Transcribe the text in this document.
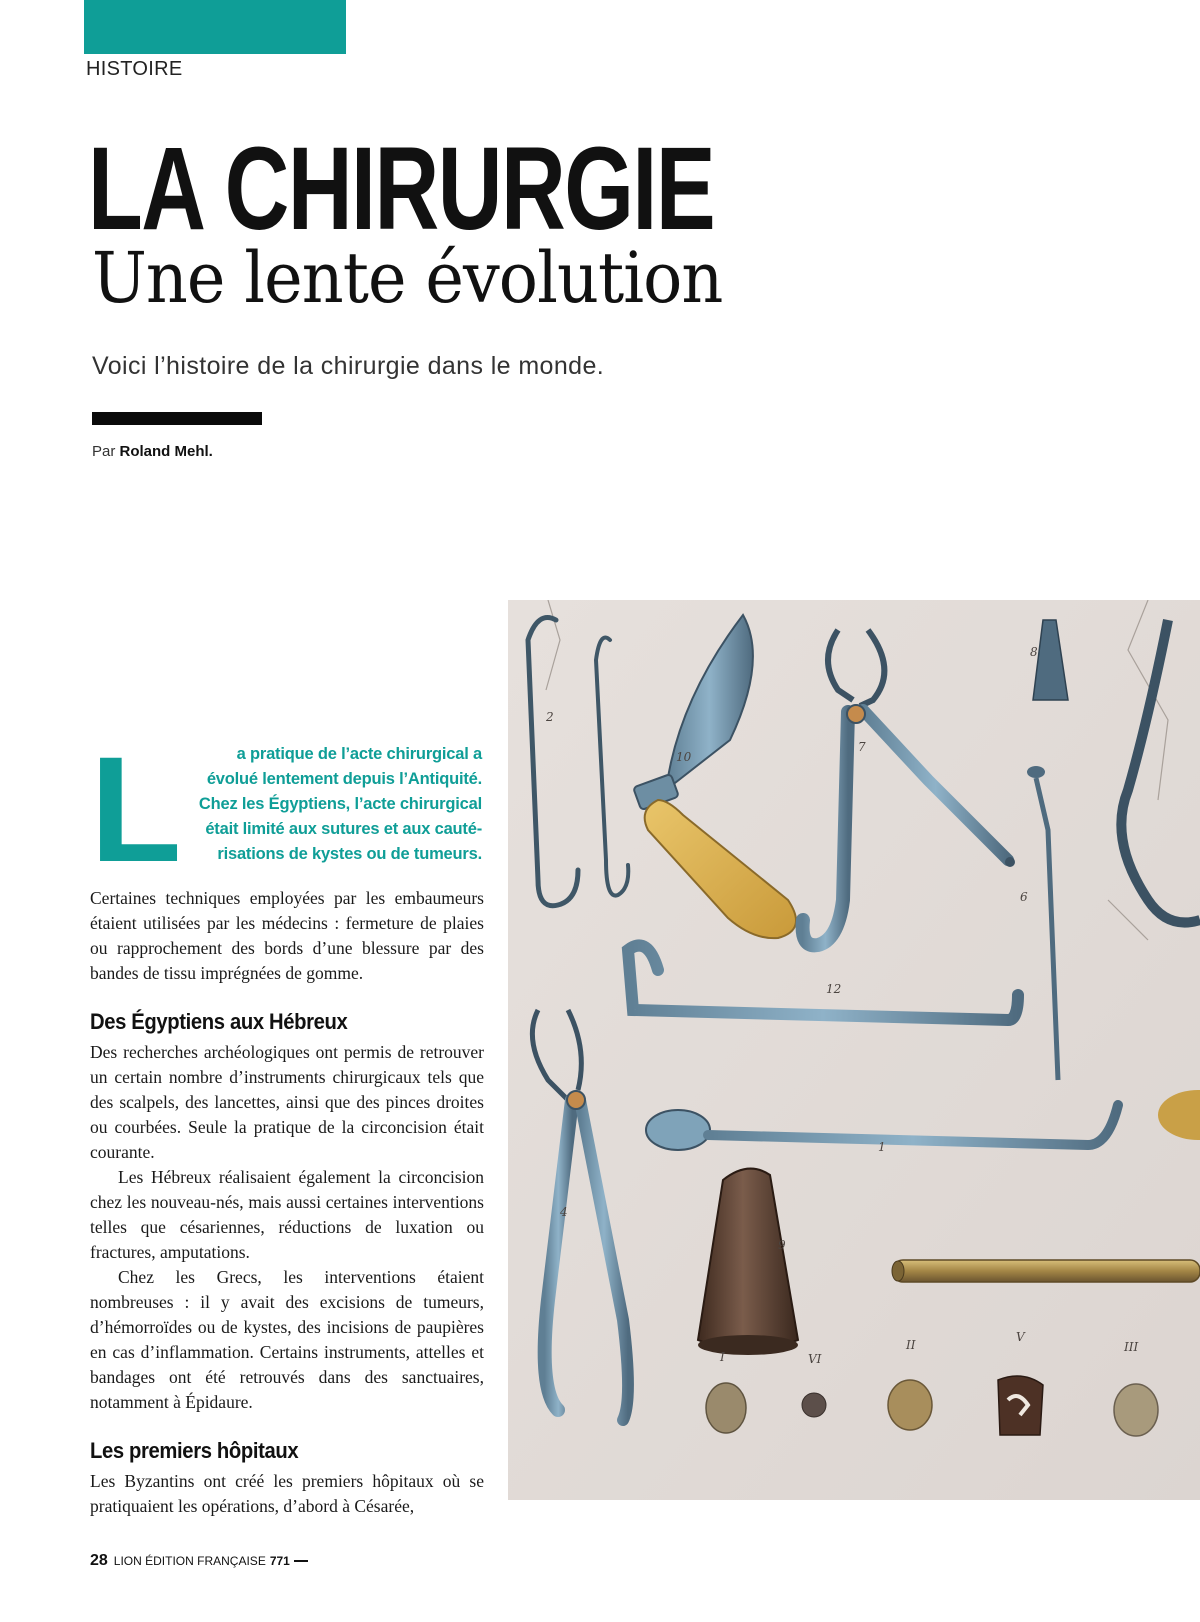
HISTOIRE
LA CHIRURGIE
Une lente évolution
Voici l’histoire de la chirurgie dans le monde.
Par Roland Mehl.
2
10
7
8
6
12
1
4
9
I	VI
II
V
III
L	a pratique de l’acte chirurgical a
évolué lentement depuis l’Antiquité.
Chez les Égyptiens, l’acte chirurgical
était limité aux sutures et aux cauté-
risations de kystes ou de tumeurs.

Certaines techniques employées par les embaumeurs étaient utilisées par les médecins : fermeture de plaies ou rapprochement des bords d’une blessure par des bandes de tissu imprégnées de gomme.

Des Égyptiens aux Hébreux

Des recherches archéologiques ont permis de retrouver un certain nombre d’instruments chirurgicaux tels que des scalpels, des lancettes, ainsi que des pinces droites ou courbées. Seule la pratique de la circoncision était courante.

Les Hébreux réalisaient également la circoncision chez les nouveau-nés, mais aussi certaines interventions telles que césariennes, réductions de luxation ou fractures, amputations.

Chez les Grecs, les interventions étaient nombreuses : il y avait des excisions de tumeurs, d’hémorroïdes ou de kystes, des incisions de paupières en cas d’inflammation. Certains instruments, attelles et bandages ont été retrouvés dans des sanctuaires, notamment à Épidaure.

Les premiers hôpitaux

Les Byzantins ont créé les premiers hôpitaux où se pratiquaient les opérations, d’abord à Césarée,

28 LION ÉDITION FRANÇAISE 771
